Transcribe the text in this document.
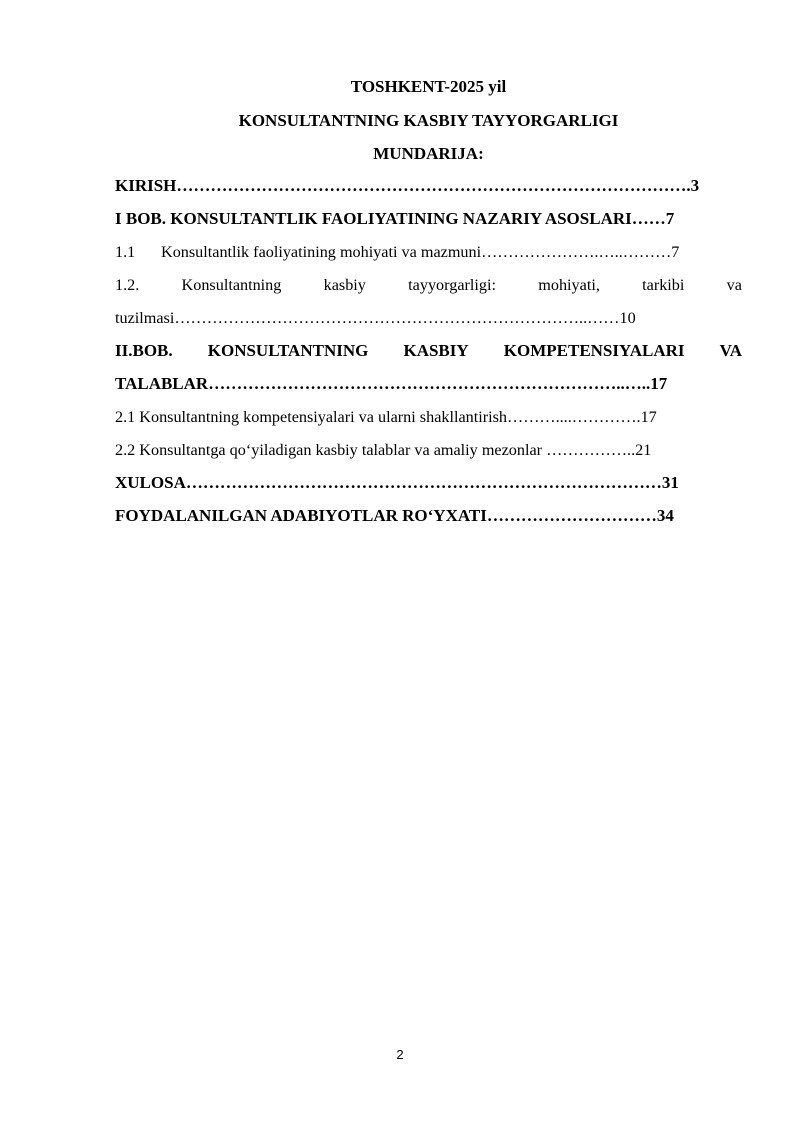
TOSHKENT-2025 yil

KONSULTANTNING KASBIY TAYYORGARLIGI

MUNDARIJA:

KIRISH……………………………………………………………………………….3

I BOB. KONSULTANTLIK FAOLIYATINING NAZARIY ASOSLARI……7

1.1 Konsultantlik faoliyatining mohiyati va mazmuni………………….…..………7

1.2.	Konsultantning	kasbiy	tayyorgarligi:	mohiyati,	tarkibi	va

tuzilmasi…………………………………………………………………..……10

II.BOB. KONSULTANTNING KASBIY KOMPETENSIYALARI VA

TALABLAR………………………………………………………………..…..17

2.1 Konsultantning kompetensiyalari va ularni shakllantirish………....………….17

2.2 Konsultantga qo‘yiladigan kasbiy talablar va amaliy mezonlar ……………..21

XULOSA…………………………………………………………………………31

FOYDALANILGAN ADABIYOTLAR RO‘YXATI…………………………34

2
